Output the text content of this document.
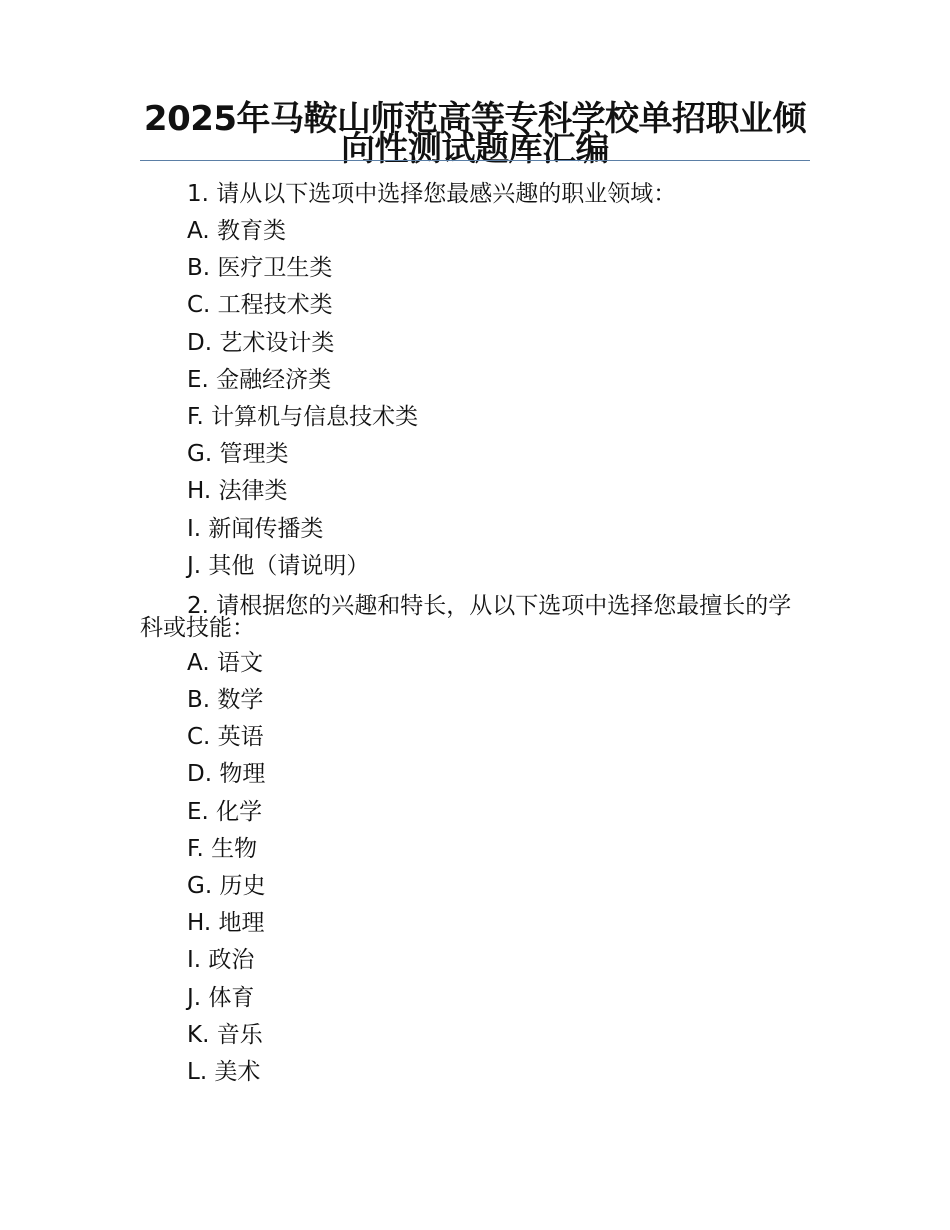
2025年马鞍山师范高等专科学校单招职业倾向性测试题库汇编
1. 请从以下选项中选择您最感兴趣的职业领域：
A. 教育类
B. 医疗卫生类
C. 工程技术类
D. 艺术设计类
E. 金融经济类
F. 计算机与信息技术类
G. 管理类
H. 法律类
I. 新闻传播类
J. 其他（请说明）
2. 请根据您的兴趣和特长，从以下选项中选择您最擅长的学科或技能：
A. 语文
B. 数学
C. 英语
D. 物理
E. 化学
F. 生物
G. 历史
H. 地理
I. 政治
J. 体育
K. 音乐
L. 美术
